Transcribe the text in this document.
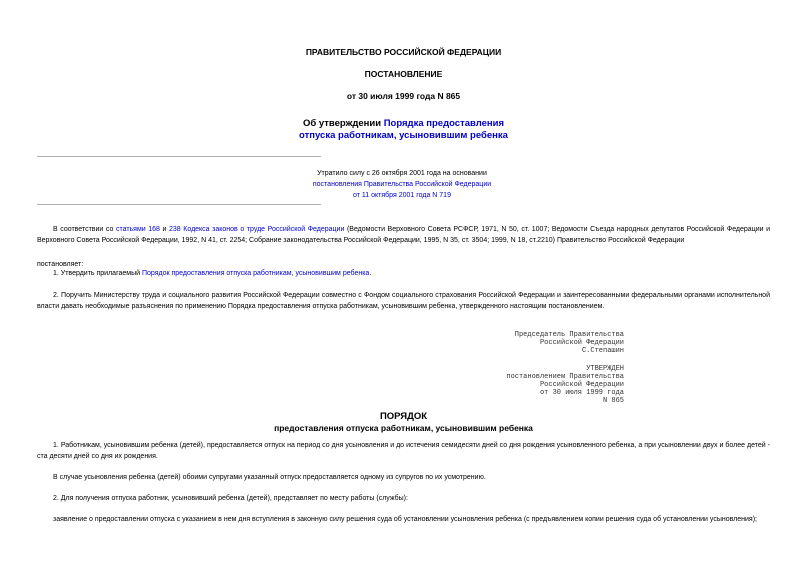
ПРАВИТЕЛЬСТВО РОССИЙСКОЙ ФЕДЕРАЦИИ
ПОСТАНОВЛЕНИЕ
от 30 июля 1999 года N 865
Об утверждении Порядка предоставления
отпуска работникам, усыновившим ребенка
Утратило силу с 26 октября 2001 года на основании
постановления Правительства Российской Федерации
от 11 октября 2001 года N 719
В соответствии со статьями 168 и 238 Кодекса законов о труде Российской Федерации (Ведомости Верховного Совета РСФСР, 1971, N 50, ст. 1007; Ведомости Съезда народных депутатов Российской Федерации и Верховного Совета Российской Федерации, 1992, N 41, ст. 2254; Собрание законодательства Российской Федерации, 1995, N 35, ст. 3504; 1999, N 18, ст.2210) Правительство Российской Федерации
постановляет:
1. Утвердить прилагаемый Порядок предоставления отпуска работникам, усыновившим ребенка.
2. Поручить Министерству труда и социального развития Российской Федерации совместно с Фондом социального страхования Российской Федерации и заинтересованными федеральными органами исполнительной власти давать необходимые разъяснения по применению Порядка предоставления отпуска работникам, усыновившим ребенка, утвержденного настоящим постановлением.
Председатель Правительства
Российской Федерации
С.Степашин
УТВЕРЖДЕН
постановлением Правительства
Российской Федерации
от 30 июля 1999 года
N 865
ПОРЯДОК
предоставления отпуска работникам, усыновившим ребенка
1. Работникам, усыновившим ребенка (детей), предоставляется отпуск на период со дня усыновления и до истечения семидесяти дней со дня рождения усыновленного ребенка, а при усыновлении двух и более детей - ста десяти дней со дня их рождения.
В случае усыновления ребенка (детей) обоими супругами указанный отпуск предоставляется одному из супругов по их усмотрению.
2. Для получения отпуска работник, усыновивший ребенка (детей), представляет по месту работы (службы):
заявление о предоставлении отпуска с указанием в нем дня вступления в законную силу решения суда об установлении усыновления ребенка (с предъявлением копии решения суда об установлении усыновления);
